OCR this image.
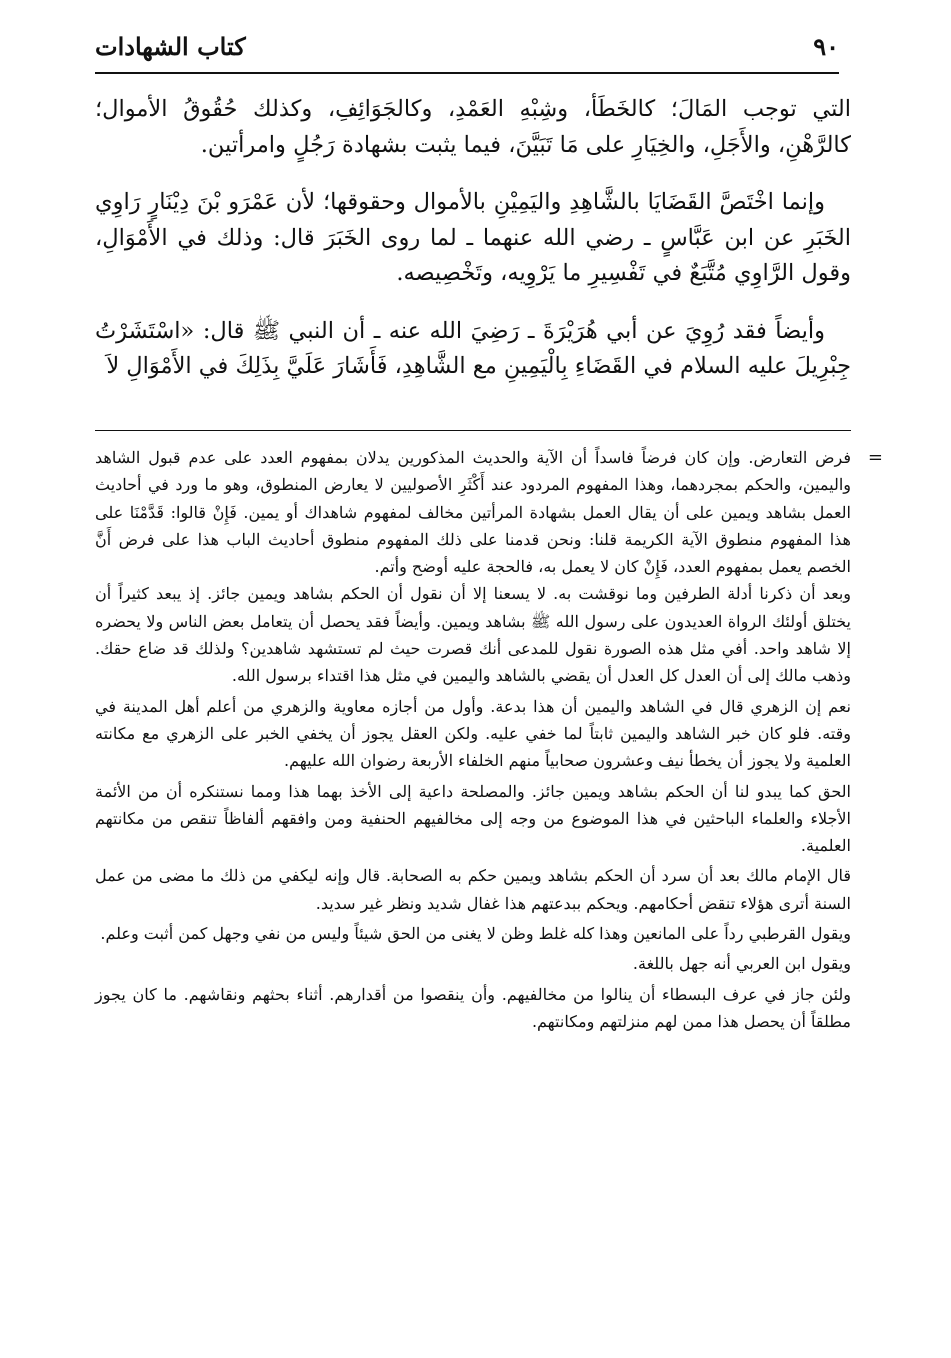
٩٠
كتاب الشهادات

التي توجب المَالَ؛ كالخَطَأ، وشِبْهِ العَمْدِ، وكالجَوَائِفِ، وكذلك حُقُوقُ الأموال؛ كالرَّهْنِ، والأَجَلِ، والخِيَارِ على مَا تَبَيَّنَ، فيما يثبت بشهادة رَجُلٍ وامرأتين.

وإنما اخْتَصَّ القَضَايَا بالشَّاهِدِ واليَمِيْنِ بالأموال وحقوقها؛ لأن عَمْرَو بْنَ دِيْنَارٍ رَاوِي الخَبَرِ عن ابن عَبَّاسٍ ـ رضي الله عنهما ـ لما روى الخَبَرَ قال: وذلك في الأَمْوَالِ، وقول الرَّاوِي مُتَّبَعٌ في تَفْسِيرِ ما يَرْوِيه، وتَخْصِيصه.

وأيضاً فقد رُوِيَ عن أبي هُرَيْرَةَ ـ رَضِيَ الله عنه ـ أن النبي ﷺ قال: «اسْتَشَرْتُ جِبْرِيلَ عليه السلام في القَضَاءِ بِالْيَمِينِ مع الشَّاهِدِ، فَأَشَارَ عَلَيَّ بِذَلِكَ في الأَمْوَالِ لاَ

=

فرض التعارض. وإن كان فرضاً فاسداً أن الآية والحديث المذكورين يدلان بمفهوم العدد على عدم قبول الشاهد واليمين، والحكم بمجردهما، وهذا المفهوم المردود عند أَكْثَرِ الأصوليين لا يعارض المنطوق، وهو ما ورد في أحاديث العمل بشاهد ويمين على أن يقال العمل بشهادة المرأتين مخالف لمفهوم شاهداك أو يمين. فَإِنْ قالوا: قَدَّمْنَا على هذا المفهوم منطوق الآية الكريمة قلنا: ونحن قدمنا على ذلك المفهوم منطوق أحاديث الباب هذا على فرض أَنَّ الخصم يعمل بمفهوم العدد، فَإِنْ كان لا يعمل به، فالحجة عليه أوضح وأتم.

وبعد أن ذكرنا أدلة الطرفين وما نوقشت به. لا يسعنا إلا أن نقول أن الحكم بشاهد ويمين جائز. إذ يبعد كثيراً أن يختلق أولئك الرواة العديدون على رسول الله ﷺ بشاهد ويمين. وأيضاً فقد يحصل أن يتعامل بعض الناس ولا يحضره إلا شاهد واحد. أفي مثل هذه الصورة نقول للمدعى أنك قصرت حيث لم تستشهد شاهدين؟ ولذلك قد ضاع حقك. وذهب مالك إلى أن العدل كل العدل أن يقضي بالشاهد واليمين في مثل هذا اقتداء برسول الله.

نعم إن الزهري قال في الشاهد واليمين أن هذا بدعة. وأول من أجازه معاوية والزهري من أعلم أهل المدينة في وقته. فلو كان خبر الشاهد واليمين ثابتاً لما خفي عليه. ولكن العقل يجوز أن يخفي الخبر على الزهري مع مكانته العلمية ولا يجوز أن يخطأ نيف وعشرون صحابياً منهم الخلفاء الأربعة رضوان الله عليهم.

الحق كما يبدو لنا أن الحكم بشاهد ويمين جائز. والمصلحة داعية إلى الأخذ بهما هذا ومما نستنكره أن من الأئمة الأجلاء والعلماء الباحثين في هذا الموضوع من وجه إلى مخالفيهم الحنفية ومن وافقهم ألفاظاً تنقص من مكانتهم العلمية.

قال الإمام مالك بعد أن سرد أن الحكم بشاهد ويمين حكم به الصحابة. قال وإنه ليكفي من ذلك ما مضى من عمل السنة أترى هؤلاء تنقض أحكامهم. ويحكم ببدعتهم هذا غفال شديد ونظر غير سديد.

ويقول القرطبي رداً على المانعين وهذا كله غلط وظن لا يغنى من الحق شيئاً وليس من نفي وجهل كمن أثبت وعلم.

ويقول ابن العربي أنه جهل باللغة.

ولئن جاز في عرف البسطاء أن ينالوا من مخالفيهم. وأن ينقصوا من أقدارهم. أثناء بحثهم ونقاشهم. ما كان يجوز مطلقاً أن يحصل هذا ممن لهم منزلتهم ومكانتهم.
